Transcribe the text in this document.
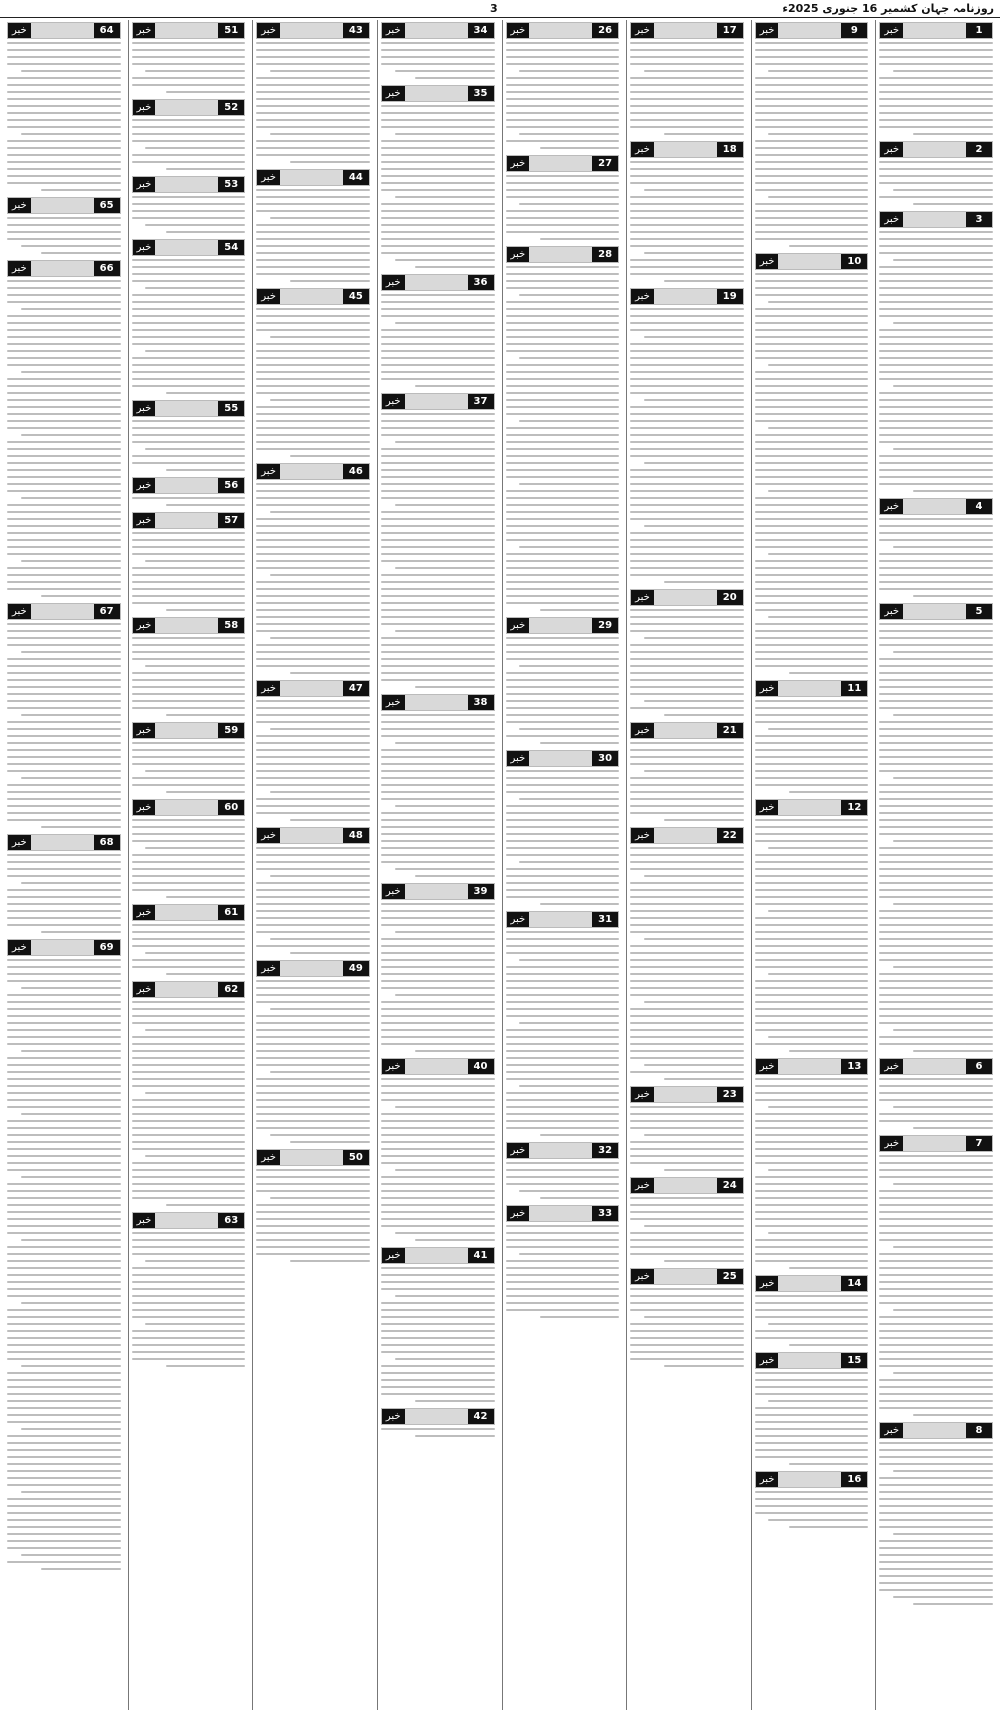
روزنامہ جہان کشمیر 16 جنوری 2025ء
3
1
خبر
2
خبر
3
خبر
4
خبر
5
خبر
6
خبر
7
خبر
8
خبر
9
خبر
10
خبر
11
خبر
12
خبر
13
خبر
14
خبر
15
خبر
16
خبر
17
خبر
18
خبر
19
خبر
20
خبر
21
خبر
22
خبر
23
خبر
24
خبر
25
خبر
26
خبر
27
خبر
28
خبر
29
خبر
30
خبر
31
خبر
32
خبر
33
خبر
34
خبر
35
خبر
36
خبر
37
خبر
38
خبر
39
خبر
40
خبر
41
خبر
42
خبر
43
خبر
44
خبر
45
خبر
46
خبر
47
خبر
48
خبر
49
خبر
50
خبر
51
خبر
52
خبر
53
خبر
54
خبر
55
خبر
56
خبر
57
خبر
58
خبر
59
خبر
60
خبر
61
خبر
62
خبر
63
خبر
64
خبر
65
خبر
66
خبر
67
خبر
68
خبر
69
خبر
